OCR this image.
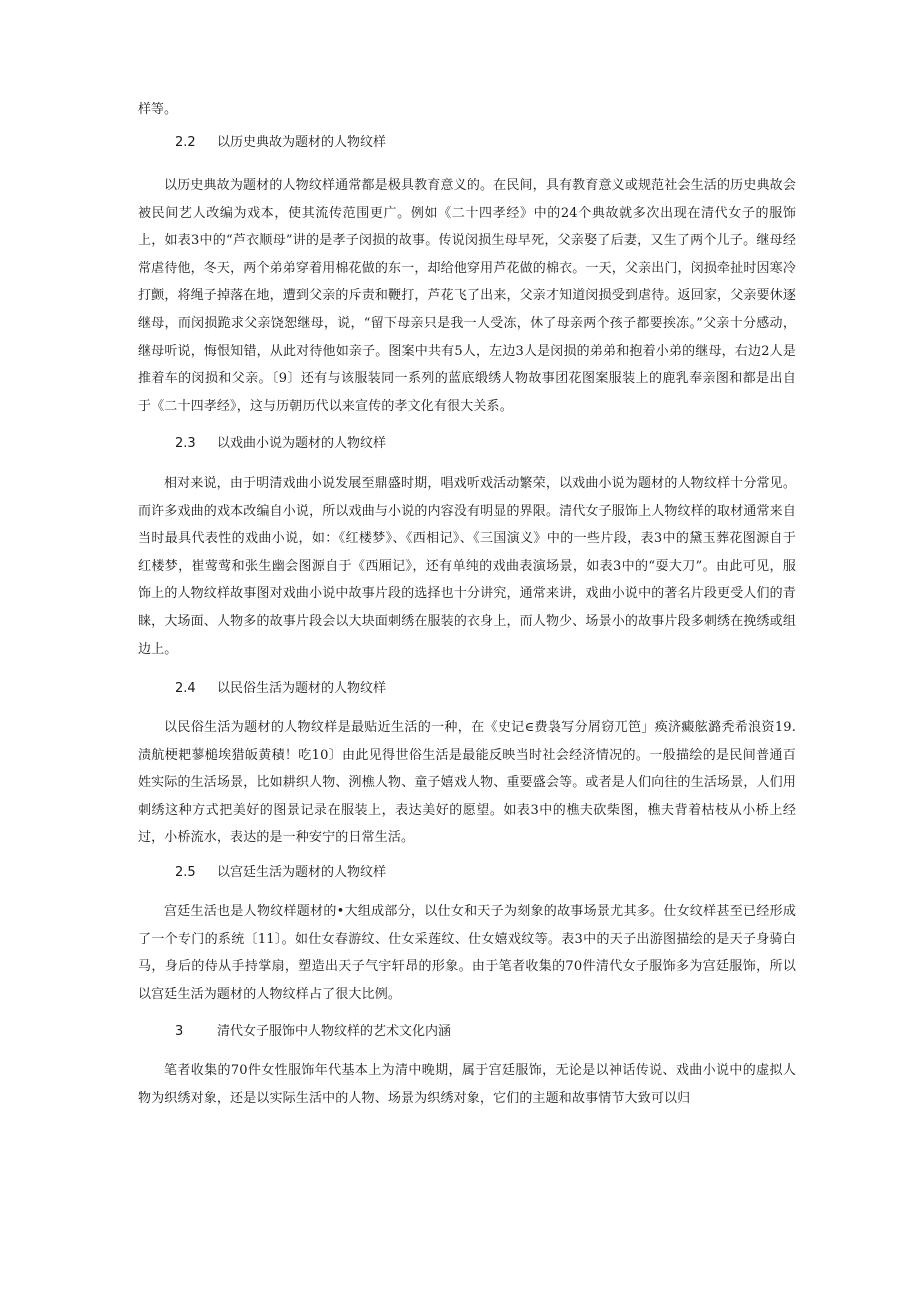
样等。

2.2 以历史典故为题材的人物纹样

以历史典故为题材的人物纹样通常都是极具教育意义的。在民间，具有教育意义或规范社会生活的历史典故会被民间艺人改编为戏本，使其流传范围更广。例如《二十四孝经》中的24个典故就多次出现在清代女子的服饰上，如表3中的“芦衣顺母”讲的是孝子闵损的故事。传说闵损生母早死，父亲娶了后妻，又生了两个儿子。继母经常虐待他，冬天，两个弟弟穿着用棉花做的东一，却给他穿用芦花做的棉衣。一天，父亲出门，闵损牵扯时因寒冷打颤，将绳子掉落在地，遭到父亲的斥责和鞭打，芦花飞了出来，父亲才知道闵损受到虐待。返回家，父亲要休逐继母，而闵损跪求父亲饶恕继母，说，“留下母亲只是我一人受冻，休了母亲两个孩子都要挨冻。”父亲十分感动，继母听说，悔恨知错，从此对待他如亲子。图案中共有5人，左边3人是闵损的弟弟和抱着小弟的继母，右边2人是推着车的闵损和父亲。〔9〕还有与该服装同一系列的蓝底缎绣人物故事团花图案服装上的鹿乳奉亲图和都是出自于《二十四孝经》，这与历朝历代以来宣传的孝文化有很大关系。

2.3 以戏曲小说为题材的人物纹样

相对来说，由于明清戏曲小说发展至鼎盛时期，唱戏听戏活动繁荣，以戏曲小说为题材的人物纹样十分常见。而许多戏曲的戏本改编自小说，所以戏曲与小说的内容没有明显的界限。清代女子服饰上人物纹样的取材通常来自当时最具代表性的戏曲小说，如：《红楼梦》、《西相记》、《三国演义》中的一些片段，表3中的黛玉葬花图源自于红楼梦，崔莺莺和张生幽会图源自于《西厢记》，还有单纯的戏曲表演场景，如表3中的“耍大刀”。由此可见，服饰上的人物纹样故事图对戏曲小说中故事片段的选择也十分讲究，通常来讲，戏曲小说中的著名片段更受人们的青睐，大场面、人物多的故事片段会以大块面刺绣在服装的衣身上，而人物少、场景小的故事片段多刺绣在挽绣或组边上。

2.4 以民俗生活为题材的人物纹样

以民俗生活为题材的人物纹样是最贴近生活的一种，在《史记∈费袅写分屑窃兀笆」痪济癜舷潞秃希浪资19.渍航梗耙蓼槌埃猎皈黄積！吃10〕由此见得世俗生活是最能反映当时社会经济情况的。一般描绘的是民间普通百姓实际的生活场景，比如耕织人物、洌樵人物、童子嬉戏人物、重要盛会等。或者是人们向往的生活场景，人们用刺绣这种方式把美好的图景记录在服装上，表达美好的愿望。如表3中的樵夫砍柴图，樵夫背着枯枝从小桥上经过，小桥流水，表达的是一种安宁的日常生活。

2.5 以宫廷生活为题材的人物纹样

宫廷生活也是人物纹样题材的•大组成部分，以仕女和天子为刻象的故事场景尤其多。仕女纹样甚至已经形成了一个专门的系统〔11〕。如仕女春游纹、仕女采莲纹、仕女嬉戏纹等。表3中的天子出游图描绘的是天子身骑白马，身后的侍从手持掌扇，塑造出天子气宇轩昂的形象。由于笔者收集的70件清代女子服饰多为宫廷服饰，所以以宫廷生活为题材的人物纹样占了很大比例。

3	清代女子服饰中人物纹样的艺术文化内涵

笔者收集的70件女性服饰年代基本上为清中晚期，属于宫廷服饰，无论是以神话传说、戏曲小说中的虚拟人物为织绣对象，还是以实际生活中的人物、场景为织绣对象，它们的主题和故事情节大致可以归
